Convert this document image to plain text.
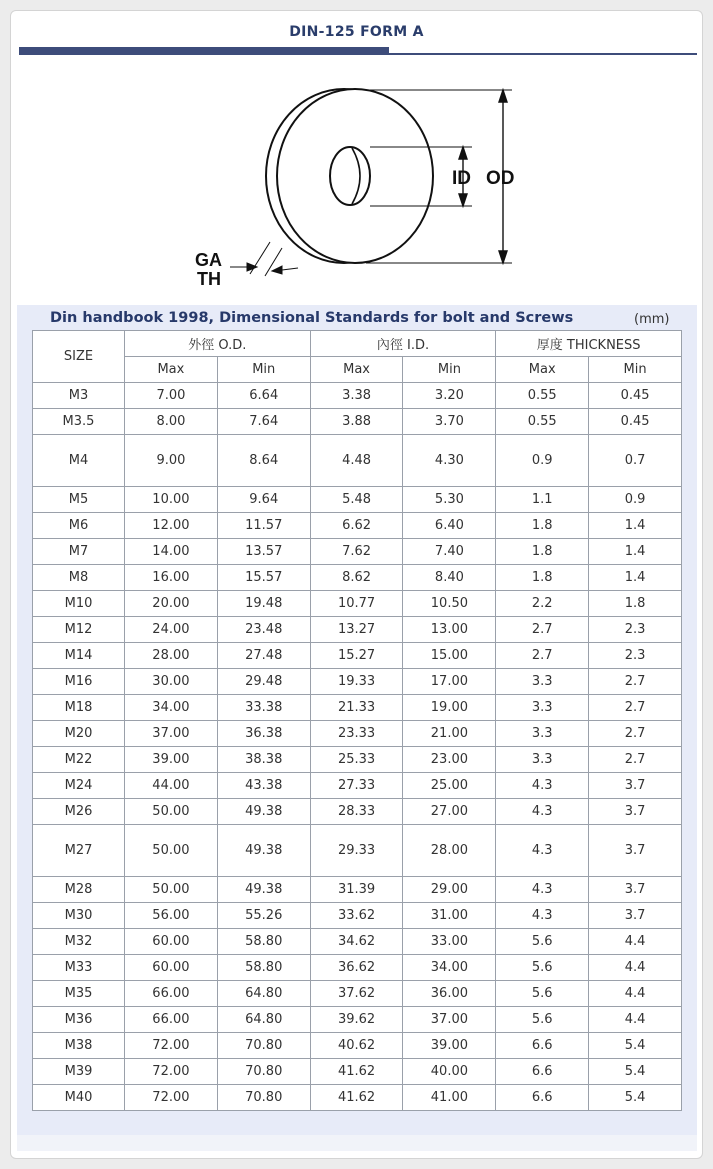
DIN-125 FORM A
ID OD
GA
TH
Din handbook 1998, Dimensional Standards for bolt and Screws	(mm)
SIZE	外徑 O.D.		內徑 I.D.		厚度 THICKNESS	
	Max	Min	Max	Min	Max	Min
M3	7.00	6.64	3.38	3.20	0.55	0.45
M3.5	8.00	7.64	3.88	3.70	0.55	0.45
M4	9.00	8.64	4.48	4.30	0.9	0.7
M5	10.00	9.64	5.48	5.30	1.1	0.9
M6	12.00	11.57	6.62	6.40	1.8	1.4
M7	14.00	13.57	7.62	7.40	1.8	1.4
M8	16.00	15.57	8.62	8.40	1.8	1.4
M10	20.00	19.48	10.77	10.50	2.2	1.8
M12	24.00	23.48	13.27	13.00	2.7	2.3
M14	28.00	27.48	15.27	15.00	2.7	2.3
M16	30.00	29.48	19.33	17.00	3.3	2.7
M18	34.00	33.38	21.33	19.00	3.3	2.7
M20	37.00	36.38	23.33	21.00	3.3	2.7
M22	39.00	38.38	25.33	23.00	3.3	2.7
M24	44.00	43.38	27.33	25.00	4.3	3.7
M26	50.00	49.38	28.33	27.00	4.3	3.7
M27	50.00	49.38	29.33	28.00	4.3	3.7
M28	50.00	49.38	31.39	29.00	4.3	3.7
M30	56.00	55.26	33.62	31.00	4.3	3.7
M32	60.00	58.80	34.62	33.00	5.6	4.4
M33	60.00	58.80	36.62	34.00	5.6	4.4
M35	66.00	64.80	37.62	36.00	5.6	4.4
M36	66.00	64.80	39.62	37.00	5.6	4.4
M38	72.00	70.80	40.62	39.00	6.6	5.4
M39	72.00	70.80	41.62	40.00	6.6	5.4
M40	72.00	70.80	41.62	41.00	6.6	5.4
